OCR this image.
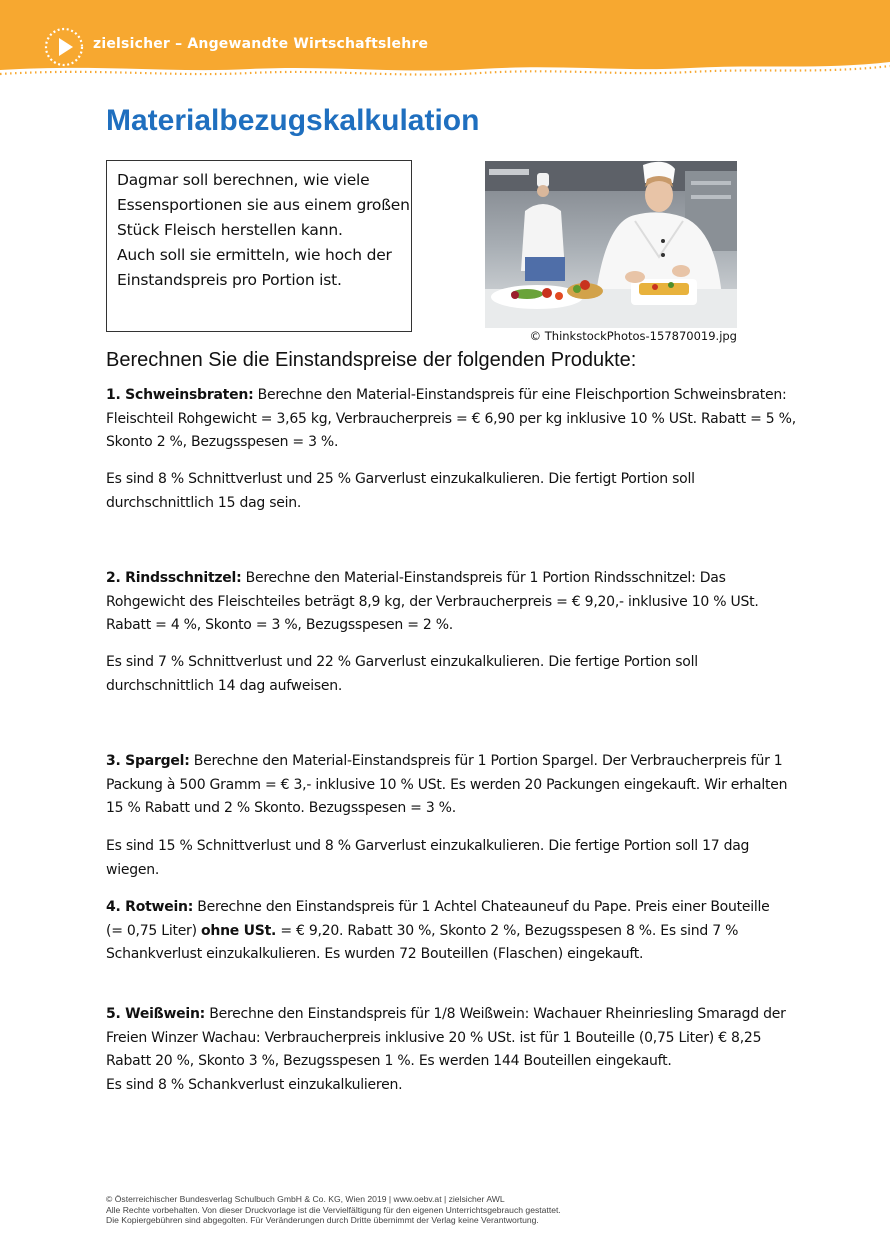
zielsicher – Angewandte Wirtschaftslehre
Materialbezugskalkulation
Dagmar soll berechnen, wie viele
Essensportionen sie aus einem großen
Stück Fleisch herstellen kann.
Auch soll sie ermitteln, wie hoch der
Einstandspreis pro Portion ist.
© ThinkstockPhotos-157870019.jpg
Berechnen Sie die Einstandspreise der folgenden Produkte:
1. Schweinsbraten: Berechne den Material-Einstandspreis für eine Fleischportion Schweinsbraten:
Fleischteil Rohgewicht = 3,65 kg, Verbraucherpreis = € 6,90 per kg inklusive 10 % USt. Rabatt = 5 %,
Skonto 2 %, Bezugsspesen = 3 %.
Es sind 8 % Schnittverlust und 25 % Garverlust einzukalkulieren. Die fertigt Portion soll
durchschnittlich 15 dag sein.
2. Rindsschnitzel: Berechne den Material-Einstandspreis für 1 Portion Rindsschnitzel: Das
Rohgewicht des Fleischteiles beträgt 8,9 kg, der Verbraucherpreis = € 9,20,- inklusive 10 % USt.
Rabatt = 4 %, Skonto = 3 %, Bezugsspesen = 2 %.
Es sind 7 % Schnittverlust und 22 % Garverlust einzukalkulieren. Die fertige Portion soll
durchschnittlich 14 dag aufweisen.
3. Spargel: Berechne den Material-Einstandspreis für 1 Portion Spargel. Der Verbraucherpreis für 1
Packung à 500 Gramm = € 3,- inklusive 10 % USt. Es werden 20 Packungen eingekauft. Wir erhalten
15 % Rabatt und 2 % Skonto. Bezugsspesen = 3 %.
Es sind 15 % Schnittverlust und 8 % Garverlust einzukalkulieren. Die fertige Portion soll 17 dag
wiegen.
4. Rotwein: Berechne den Einstandspreis für 1 Achtel Chateauneuf du Pape. Preis einer Bouteille
(= 0,75 Liter) ohne USt. = € 9,20. Rabatt 30 %, Skonto 2 %, Bezugsspesen 8 %. Es sind 7 %
Schankverlust einzukalkulieren. Es wurden 72 Bouteillen (Flaschen) eingekauft.
5. Weißwein: Berechne den Einstandspreis für 1/8 Weißwein: Wachauer Rheinriesling Smaragd der
Freien Winzer Wachau: Verbraucherpreis inklusive 20 % USt. ist für 1 Bouteille (0,75 Liter) € 8,25
Rabatt 20 %, Skonto 3 %, Bezugsspesen 1 %. Es werden 144 Bouteillen eingekauft.
Es sind 8 % Schankverlust einzukalkulieren.
© Österreichischer Bundesverlag Schulbuch GmbH & Co. KG, Wien 2019 | www.oebv.at | zielsicher AWL
Alle Rechte vorbehalten. Von dieser Druckvorlage ist die Vervielfältigung für den eigenen Unterrichtsgebrauch gestattet.
Die Kopiergebühren sind abgegolten. Für Veränderungen durch Dritte übernimmt der Verlag keine Verantwortung.
